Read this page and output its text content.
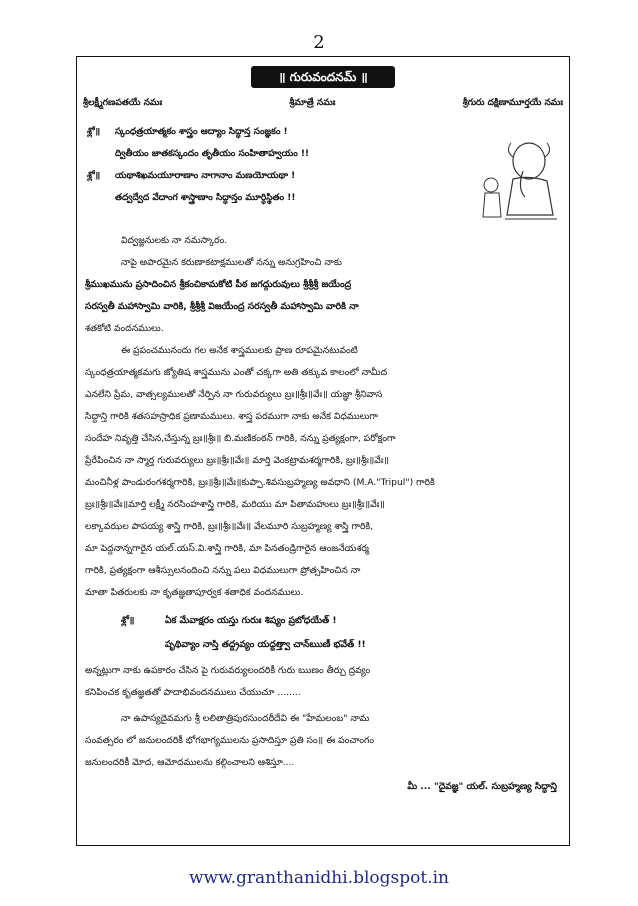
2
॥ గురువందనమ్ ॥
శ్రీలక్ష్మీగణపతయే నమః	శ్రీమాత్రే నమః	శ్రీగురు దక్షిణామూర్తయే నమః
శ్లో॥ స్కంధత్రయాత్మకం శాస్త్రం ఆద్యాం సిద్ధాన్త సంజ్ఞకం !
ద్వితీయం జాతకస్కందం తృతీయం సంహితాహ్వయం !!
శ్లో॥ యథాశిఖమయూరాణాం నాగానాం మణయోయథా !
తద్వద్వేద వేదాంగ శాస్త్రాణాం సిద్ధాన్తం మూర్ధిస్థితం !!
విద్వజ్జనులకు నా నమస్కారం.
నాపై అపారమైన కరుణాకటాక్షములతో నన్ను అనుగ్రహించి నాకు
శ్రీముఖమును ప్రసాదించిన శ్రీకంచికామకోటి పీఠ జగద్గురువులు శ్రీశ్రీశ్రీ జయేంద్ర
సరస్వతీ మహాస్వామి వారికి, శ్రీశ్రీశ్రీ విజయేంద్ర సరస్వతీ మహాస్వామి వారికి నా
శతకోటి వందనములు.
ఈ ప్రపంచమునందు గల అనేక శాస్త్రములకు ప్రాణ రూపమైనటువంటి
స్కంధత్రయాత్మకమగు జ్యోతిష శాస్త్రమును ఎంతో చక్కగా అతి తక్కువ కాలంలో నామీద
ఎనలేని ప్రేమ, వాత్సల్యములతో నేర్పిన నా గురువర్యులు బ్రః॥శ్రీః॥వేః॥ యజ్ఞా శ్రీనివాస
సిద్ధాన్తి గారికి శతసహస్రాధిక ప్రణామములు. శాస్త్ర పరముగా నాకు అనేక విధములుగా
సందేహ నివృత్తి చేసిన,చేస్తున్న బ్రః॥శ్రీః॥ బి.మణికంఠన్ గారికి, నన్ను ప్రత్యక్షంగా, పరోక్షంగా
ప్రేరేపించిన నా స్మార్త గురువర్యులు బ్రః॥శ్రీః॥వేః॥ మార్తి వెంకట్రామశర్మగారికి, బ్రః॥శ్రీః॥వేః॥
మంచినీళ్ల పాండురంగశర్మగారికి, బ్రః॥శ్రీః॥వేః॥కుప్పా.శివసుబ్రహ్మణ్య అవధాని (M.A."Tripul") గారికి
బ్రః॥శ్రీః॥వేః॥మార్తి లక్ష్మీ నరసింహశాస్త్రి గారికి, మరియు మా పితామహులు బ్రః॥శ్రీః॥వేః॥
లక్కావఝల పాపయ్య శాస్త్రి గారికి, బ్రః॥శ్రీః॥వేః॥ వేలమూరి సుబ్రహ్మణ్య శాస్త్రి గారికి,
మా పెద్దనాన్నగారైన యల్.యస్.వి.శాస్త్రి గారికి, మా పినతండ్రిగారైన ఆంజనేయశర్మ
గారికి, ప్రత్యక్షంగా ఆశీస్సులనందించి నన్ను పలు విధములుగా ప్రోత్సహించిన నా
మాతా పితరులకు నా కృతజ్ఞతాపూర్వక శతాధిక వందనములు.
శ్లో॥	ఏక మేవాక్షరం యస్తు గురుః శిష్యం ప్రబోధయేత్ !
పృథివ్యాం నాస్తి తద్ద్రవ్యం యద్దత్త్వా చాన్ఋణీ భవేత్ !!
అన్నట్లుగా నాకు ఉపకారం చేసిన పై గురువర్యులందరికీ గురు ఋణం తీర్చు ద్రవ్యం
కనిపించక కృతజ్ఞతతో పాదాభివందనములు చేయుచూ ........
నా ఉపాస్యదైవమగు శ్రీ లలితాత్రిపురసుందరీదేవి ఈ "హేమలంబ" నామ
సంవత్సరం లో జనులందరికీ భోగభాగ్యములను ప్రసాదిస్తూ ప్రతి సం॥ ఈ పంచాంగం
జనులందరికీ మోద, ఆమోదములను కల్గించాలని ఆశిస్తూ....
మీ ... "దైవజ్ఞ" యల్. సుబ్రహ్మణ్య సిద్ధాన్తి
www.granthanidhi.blogspot.in
